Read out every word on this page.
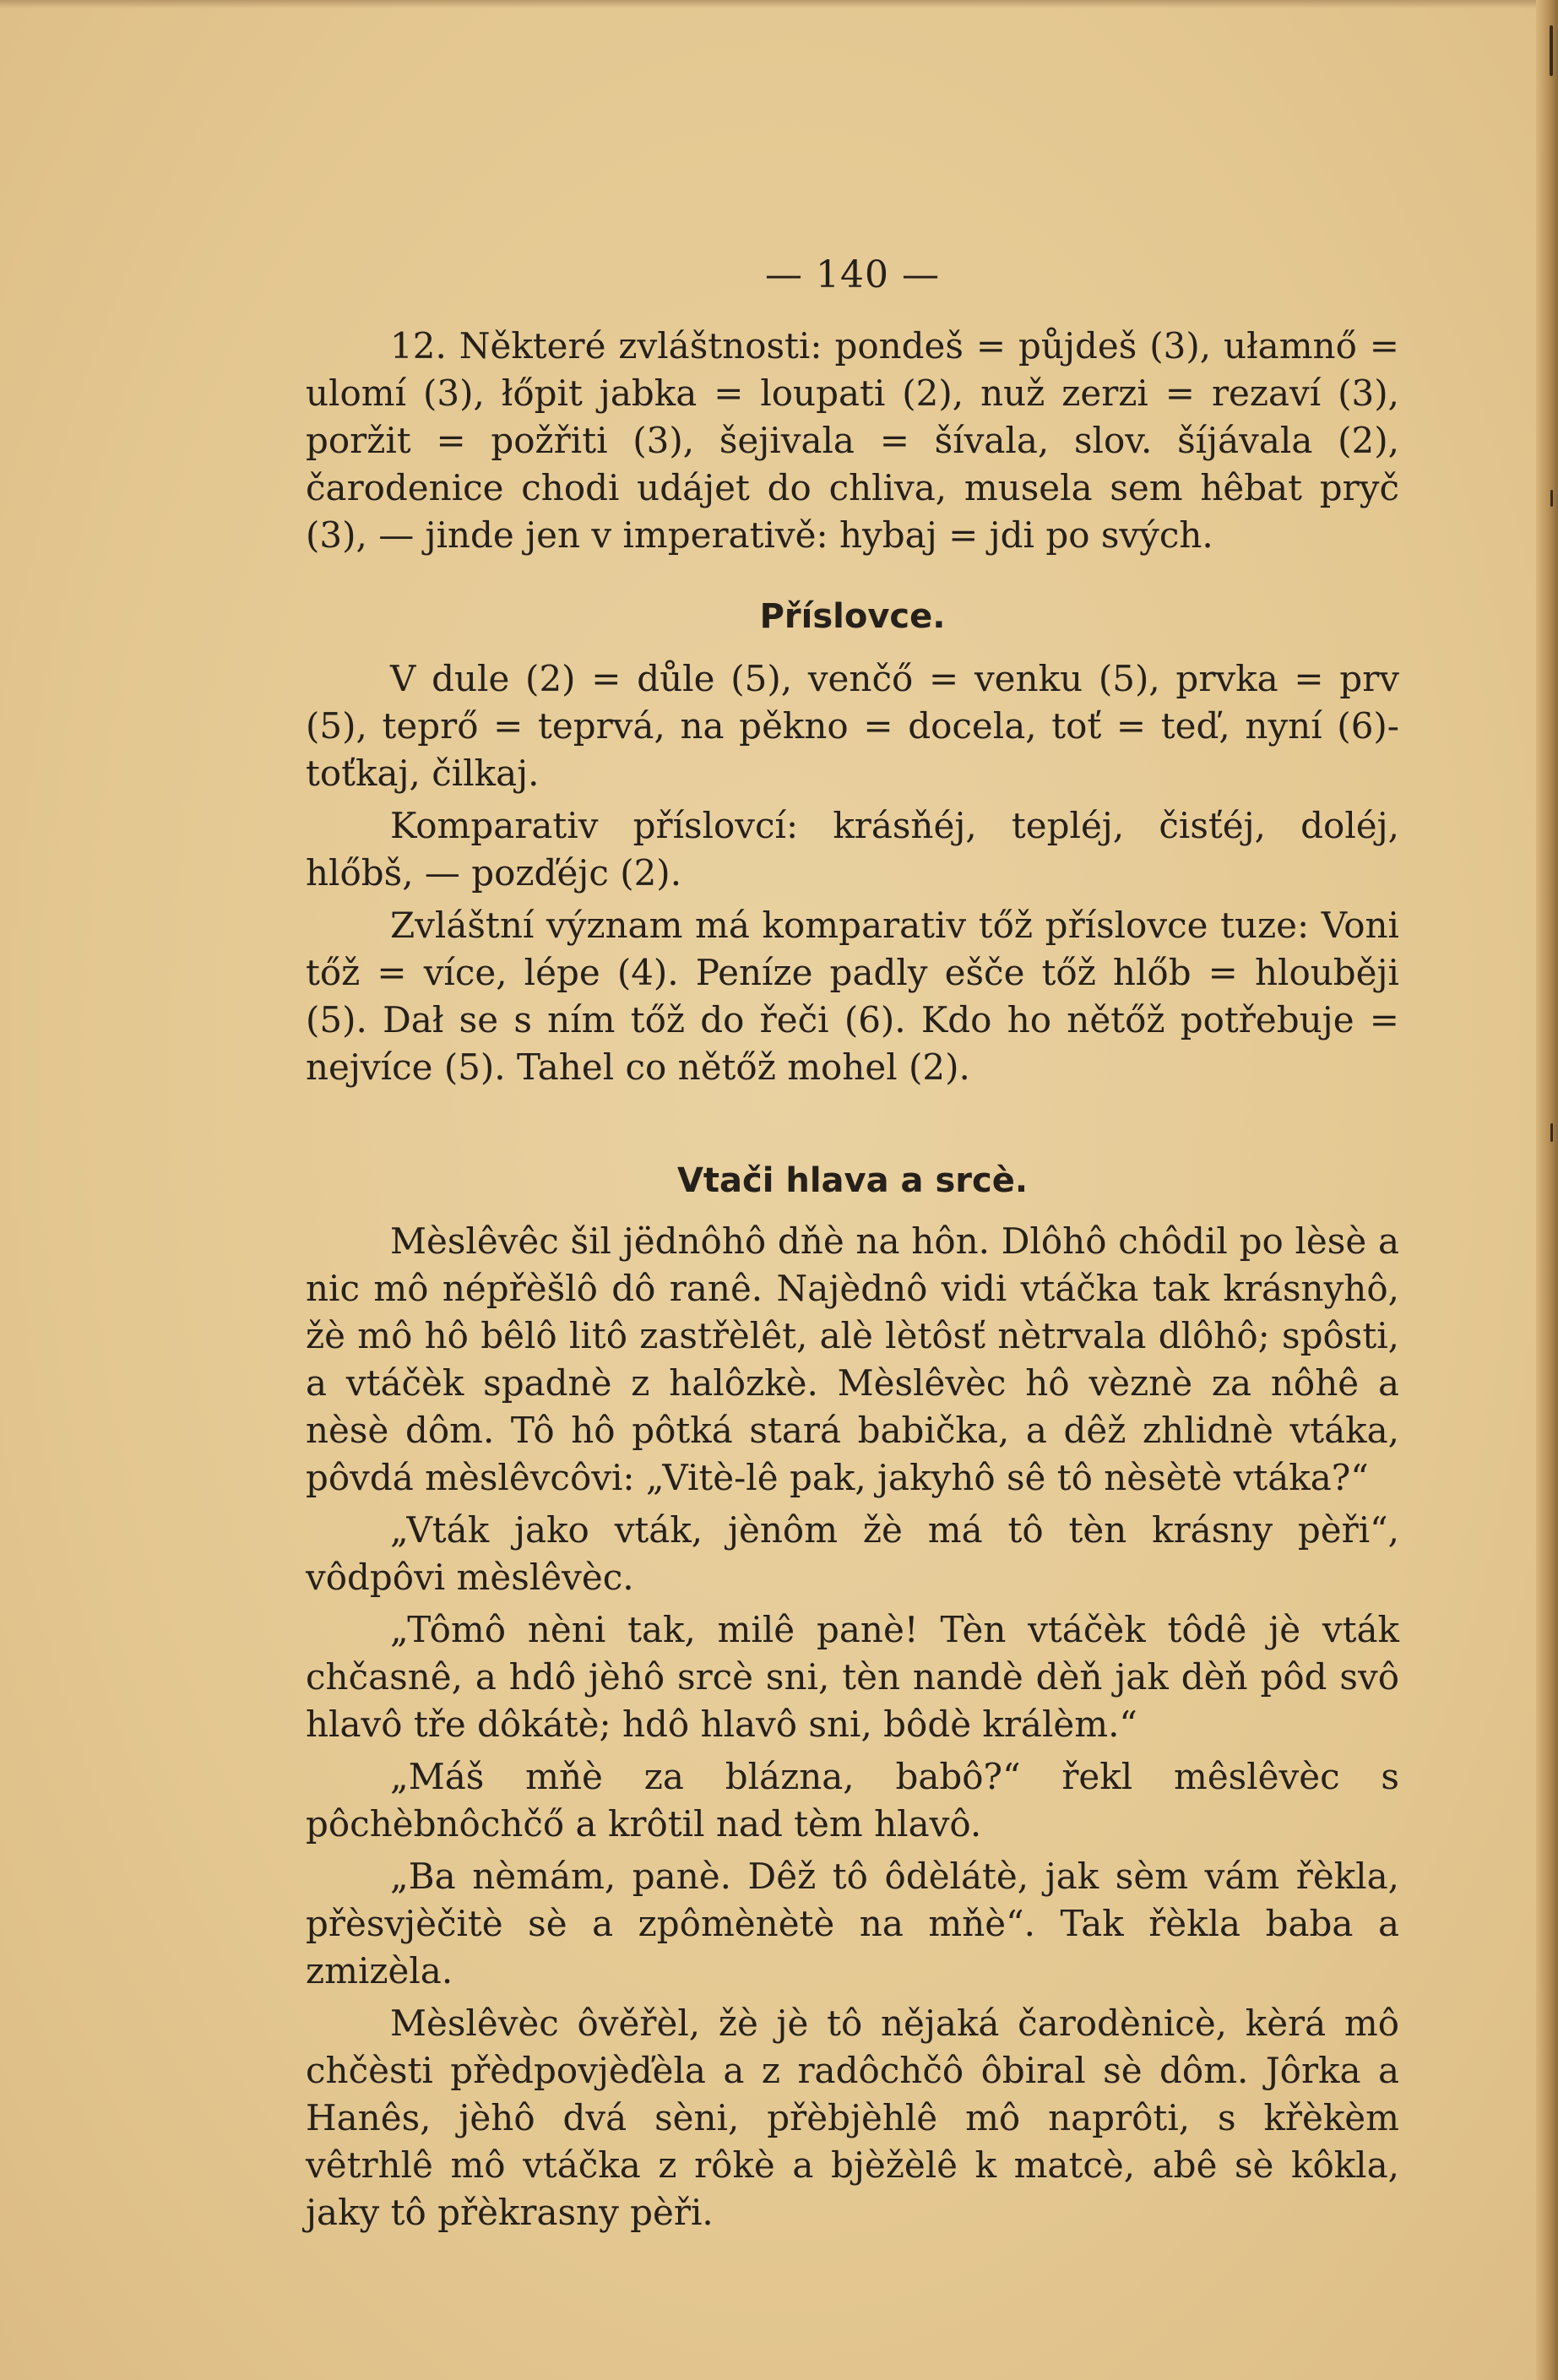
— 140 —

12. Některé zvláštnosti: pondeš = půjdeš (3), ułamnő = ulomí (3), łőpit jabka = loupati (2), nuž zerzi = rezaví (3), poržit = požřiti (3), šejivala = šívala, slov. šíjávala (2), čarodenice chodi udájet do chliva, musela sem hêbat pryč (3), — jinde jen v imperativě: hybaj = jdi po svých.

Příslovce.

V dule (2) = důle (5), venčő = venku (5), prvka = prv (5), teprő = teprvá, na pěkno = docela, toť = teď, nyní (6)-toťkaj, čilkaj.

Komparativ příslovcí: krásňéj, tepléj, čisťéj, doléj, hlőbš, — pozďéjc (2).

Zvláštní význam má komparativ tőž příslovce tuze: Voni tőž = více, lépe (4). Peníze padly ešče tőž hlőb = hlouběji (5). Dał se s ním tőž do řeči (6). Kdo ho nětőž potřebuje = nejvíce (5). Tahel co nětőž mohel (2).

Vtači hlava a srcè.

Mèslêvêc šil jëdnôhô dňè na hôn. Dlôhô chôdil po lèsè a nic mô népřèšlô dô ranê. Najèdnô vidi vtáčka tak krásnyhô, žè mô hô bêlô litô zastřèlêt, alè lètôsť nètrvala dlôhô; spôsti, a vtáčèk spadnè z halôzkè. Mèslêvèc hô vèznè za nôhê a nèsè dôm. Tô hô pôtká stará babička, a dêž zhlidnè vtáka, pôvdá mèslêvcôvi: „Vitè-lê pak, jakyhô sê tô nèsètè vtáka?“

„Vták jako vták, jènôm žè má tô tèn krásny pèři“, vôdpôvi mèslêvèc.

„Tômô nèni tak, milê panè! Tèn vtáčèk tôdê jè vták chčasnê, a hdô jèhô srcè sni, tèn nandè dèň jak dèň pôd svô hlavô tře dôkátè; hdô hlavô sni, bôdè králèm.“

„Máš mňè za blázna, babô?“ řekl mêslêvèc s pôchèbnôchčő a krôtil nad tèm hlavô.

„Ba nèmám, panè. Dêž tô ôdèlátè, jak sèm vám řèkla, přèsvjèčitè sè a zpômènètè na mňè“. Tak řèkla baba a zmizèla.

Mèslêvèc ôvěřèl, žè jè tô nějaká čarodènicè, kèrá mô chčèsti přèdpovjèďèla a z radôchčô ôbiral sè dôm. Jôrka a Hanês, jèhô dvá sèni, přèbjèhlê mô naprôti, s křèkèm vêtrhlê mô vtáčka z rôkè a bjèžèlê k matcè, abê sè kôkla, jaky tô přèkrasny pèři.
